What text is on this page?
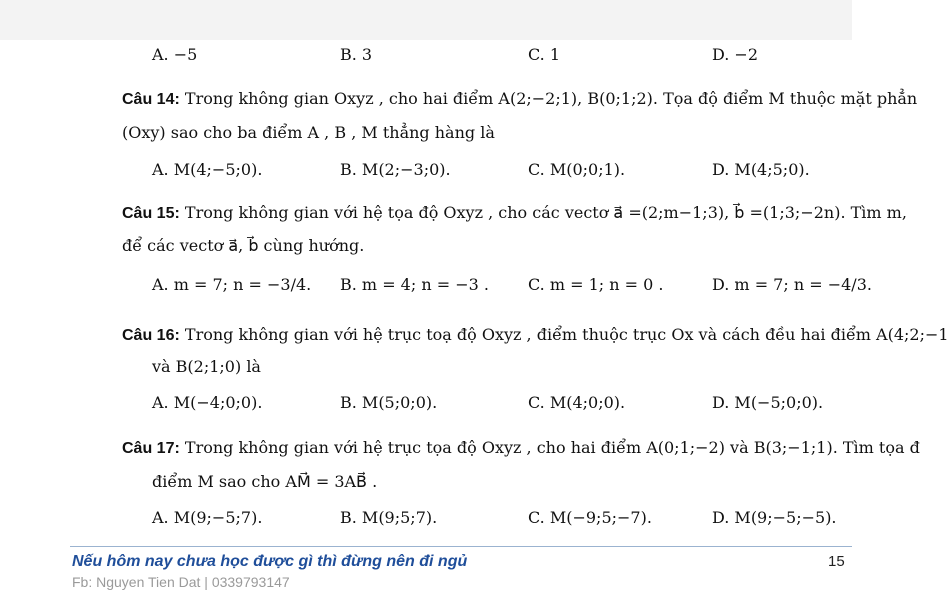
A. −5	B. 3	C. 1	D. −2
Câu 14: Trong không gian Oxyz , cho hai điểm A(2;−2;1), B(0;1;2). Tọa độ điểm M thuộc mặt phẳn
(Oxy) sao cho ba điểm A , B , M thẳng hàng là
A. M(4;−5;0).	B. M(2;−3;0).	C. M(0;0;1).	D. M(4;5;0).
Câu 15: Trong không gian với hệ tọa độ Oxyz , cho các vectơ a⃗ =(2;m−1;3), b⃗ =(1;3;−2n). Tìm m,
để các vectơ a⃗, b⃗ cùng hướng.
A. m = 7; n = −3/4. B. m = 4; n = −3 . C. m = 1; n = 0 .	D. m = 7; n = −4/3.
Câu 16: Trong không gian với hệ trục toạ độ Oxyz , điểm thuộc trục Ox và cách đều hai điểm A(4;2;−1
và B(2;1;0) là
A. M(−4;0;0).	B. M(5;0;0).	C. M(4;0;0).	D. M(−5;0;0).
Câu 17: Trong không gian với hệ trục tọa độ Oxyz , cho hai điểm A(0;1;−2) và B(3;−1;1). Tìm tọa đ
điểm M sao cho AM⃗ = 3AB⃗ .
A. M(9;−5;7).	B. M(9;5;7).	C. M(−9;5;−7).	D. M(9;−5;−5).
Nếu hôm nay chưa học được gì thì đừng nên đi ngủ	15
Fb: Nguyen Tien Dat | 0339793147
